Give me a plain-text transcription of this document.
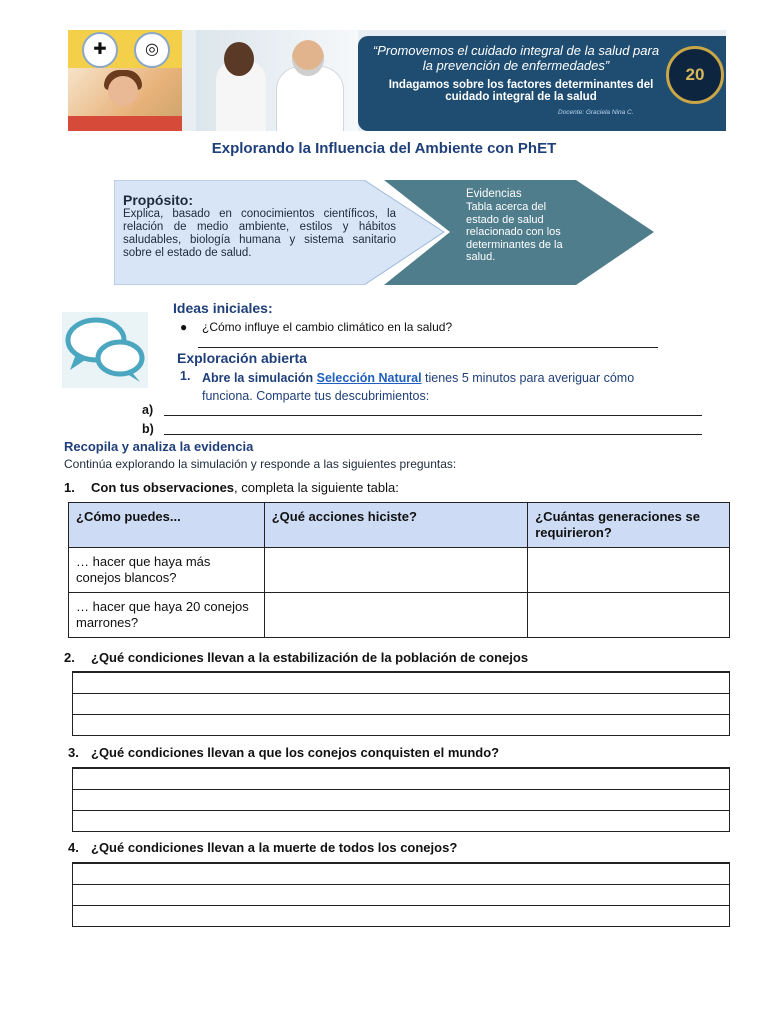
✚	◎	“Promovemos el cuidado integral de la salud para la prevención de enfermedades”
Indagamos sobre los factores determinantes del cuidado integral de la salud
Docente: Graciela Nina C.
20
Explorando la Influencia del Ambiente con PhET
Propósito:
Explica, basado en conocimientos científicos, la relación de medio ambiente, estilos y hábitos saludables, biología humana y sistema sanitario sobre el estado de salud.
Evidencias
Tabla acerca del estado de salud relacionado con los determinantes de la salud.
Ideas iniciales:
● ¿Cómo influye el cambio climático en la salud?
Exploración abierta
1. Abre la simulación Selección Natural tienes 5 minutos para averiguar cómo funciona. Comparte tus descubrimientos:
a)
b)
Recopila y analiza la evidencia
Continúa explorando la simulación y responde a las siguientes preguntas:
1. Con tus observaciones, completa la siguiente tabla:
¿Cómo puedes...	¿Qué acciones hiciste?	¿Cuántas generaciones se requirieron?
… hacer que haya más conejos blancos?		
… hacer que haya 20 conejos marrones?		
2. ¿Qué condiciones llevan a la estabilización de la población de conejos

3. ¿Qué condiciones llevan a que los conejos conquisten el mundo?

4. ¿Qué condiciones llevan a la muerte de todos los conejos?
